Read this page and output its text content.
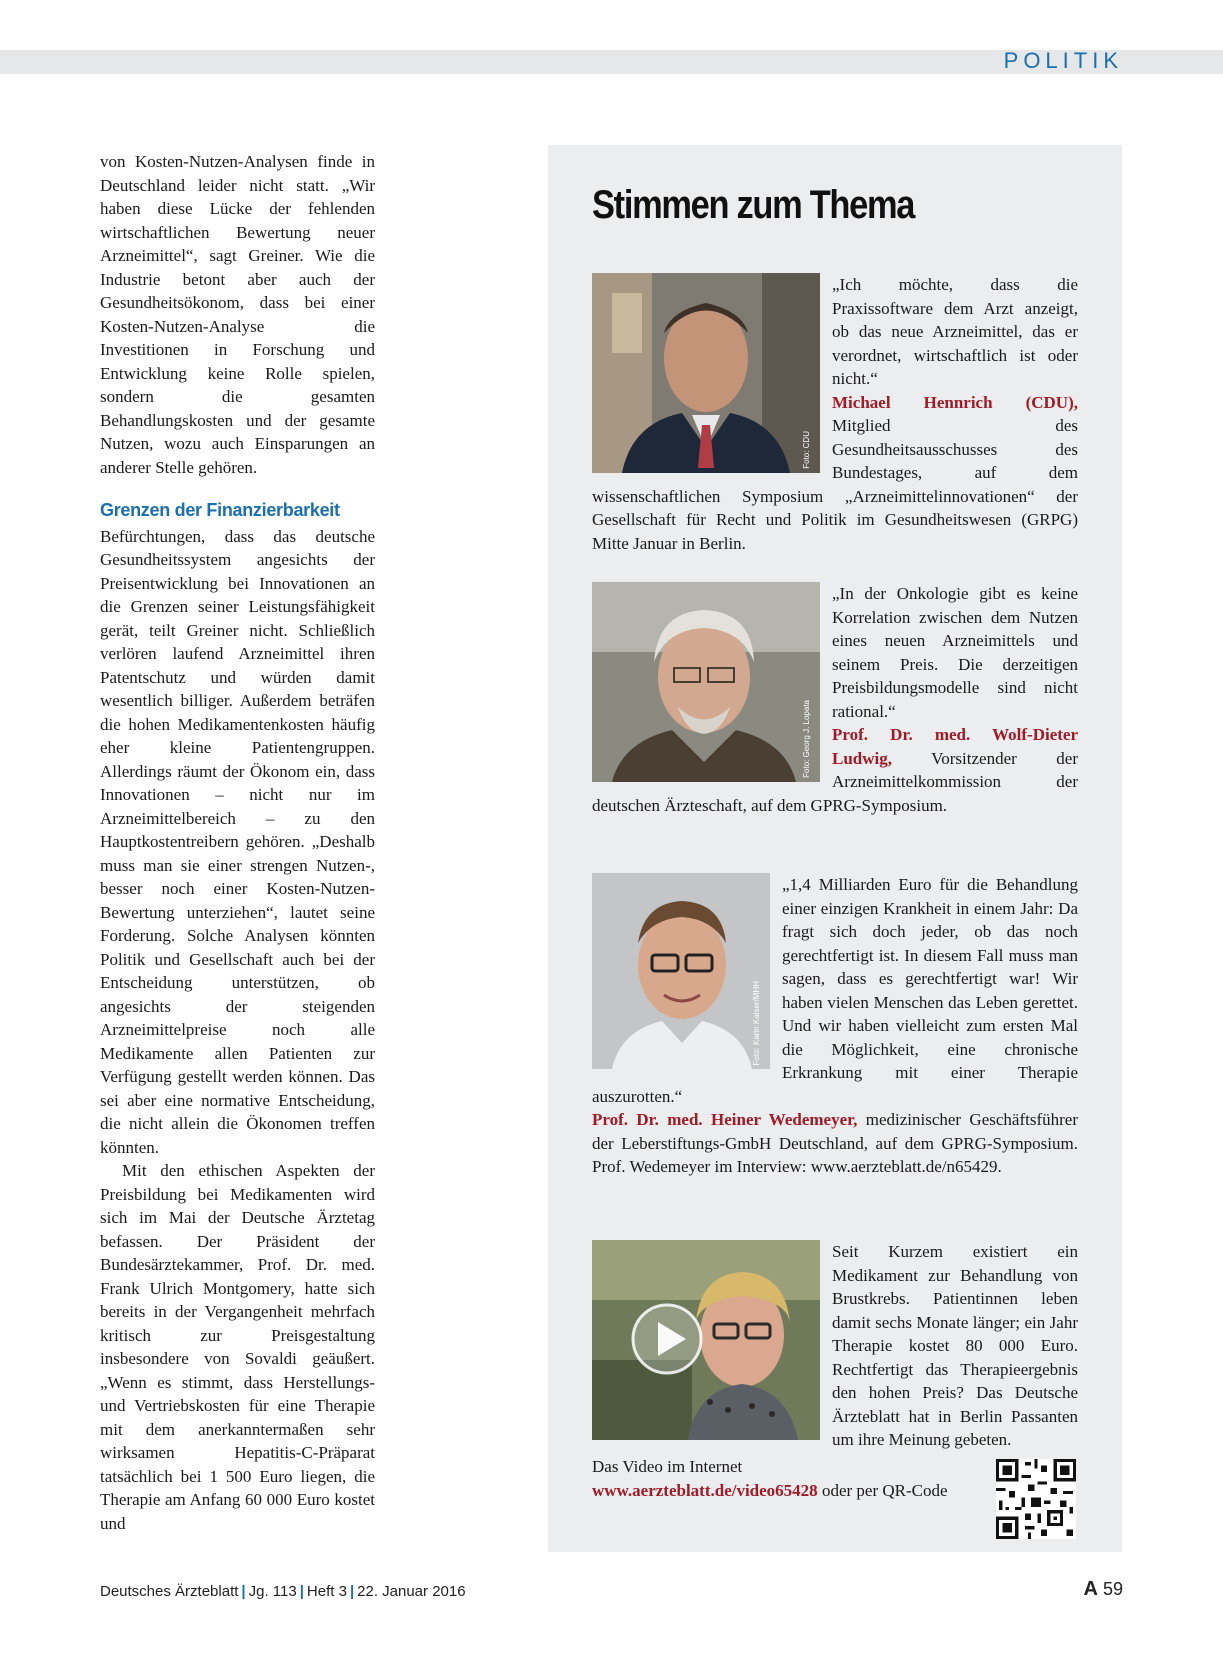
POLITIK

von Kosten-Nutzen-Analysen finde in Deutschland leider nicht statt. „Wir haben diese Lücke der fehlenden wirtschaftlichen Bewertung neuer Arzneimittel“, sagt Greiner. Wie die Industrie betont aber auch der Gesundheitsökonom, dass bei einer Kosten-Nutzen-Analyse die Investitionen in Forschung und Entwicklung keine Rolle spielen, sondern die gesamten Behandlungskosten und der gesamte Nutzen, wozu auch Einsparungen an anderer Stelle gehören.

Grenzen der Finanzierbarkeit

Befürchtungen, dass das deutsche Gesundheitssystem angesichts der Preisentwicklung bei Innovationen an die Grenzen seiner Leistungsfähigkeit gerät, teilt Greiner nicht. Schließlich verlören laufend Arzneimittel ihren Patentschutz und würden damit wesentlich billiger. Außerdem beträfen die hohen Medikamentenkosten häufig eher kleine Patientengruppen. Allerdings räumt der Ökonom ein, dass Innovationen – nicht nur im Arzneimittelbereich – zu den Hauptkostentreibern gehören. „Deshalb muss man sie einer strengen Nutzen-, besser noch einer Kosten-Nutzen-Bewertung unterziehen“, lautet seine Forderung. Solche Analysen könnten Politik und Gesellschaft auch bei der Entscheidung unterstützen, ob angesichts der steigenden Arzneimittelpreise noch alle Medikamente allen Patienten zur Verfügung gestellt werden können. Das sei aber eine normative Entscheidung, die nicht allein die Ökonomen treffen könnten.

Mit den ethischen Aspekten der Preisbildung bei Medikamenten wird sich im Mai der Deutsche Ärztetag befassen. Der Präsident der Bundesärztekammer, Prof. Dr. med. Frank Ulrich Montgomery, hatte sich bereits in der Vergangenheit mehrfach kritisch zur Preisgestaltung insbesondere von Sovaldi geäußert. „Wenn es stimmt, dass Herstellungs- und Vertriebskosten für eine Therapie mit dem anerkanntermaßen sehr wirksamen Hepatitis-C-Präparat tatsächlich bei 1 500 Euro liegen, die Therapie am Anfang 60 000 Euro kostet und

Stimmen zum Thema
Foto: CDU
„Ich möchte, dass die Praxissoftware dem Arzt anzeigt, ob das neue Arzneimittel, das er verordnet, wirtschaftlich ist oder nicht.“
Michael Hennrich (CDU), Mitglied des Gesundheitsausschusses des Bundestages, auf dem wissenschaftlichen Symposium „Arzneimittelinnovationen“ der Gesellschaft für Recht und Politik im Gesundheitswesen (GRPG) Mitte Januar in Berlin.
Foto: Georg J. Lopata
„In der Onkologie gibt es keine Korrelation zwischen dem Nutzen eines neuen Arzneimittels und seinem Preis. Die derzeitigen Preisbildungsmodelle sind nicht rational.“
Prof. Dr. med. Wolf-Dieter Ludwig, Vorsitzender der Arzneimittelkommission der deutschen Ärzteschaft, auf dem GPRG-Symposium.
Foto: Karin Kaiser/MHH
„1,4 Milliarden Euro für die Behandlung einer einzigen Krankheit in einem Jahr: Da fragt sich doch jeder, ob das noch gerechtfertigt ist. In diesem Fall muss man sagen, dass es gerechtfertigt war! Wir haben vielen Menschen das Leben gerettet. Und wir haben vielleicht zum ersten Mal die Möglichkeit, eine chronische Erkrankung mit einer Therapie auszurotten.“
Prof. Dr. med. Heiner Wedemeyer, medizinischer Geschäftsführer der Leberstiftungs-GmbH Deutschland, auf dem GPRG-Symposium. Prof. Wedemeyer im Interview: www.aerzteblatt.de/n65429.
Seit Kurzem existiert ein Medikament zur Behandlung von Brustkrebs. Patientinnen leben damit sechs Monate länger; ein Jahr Therapie kostet 80 000 Euro. Rechtfertigt das Therapieergebnis den hohen Preis? Das Deutsche Ärzteblatt hat in Berlin Passanten um ihre Meinung gebeten.
Das Video im Internet
www.aerzteblatt.de/video65428 oder per QR-Code
Deutsches Ärzteblatt | Jg. 113 | Heft 3 | 22. Januar 2016	A 59
